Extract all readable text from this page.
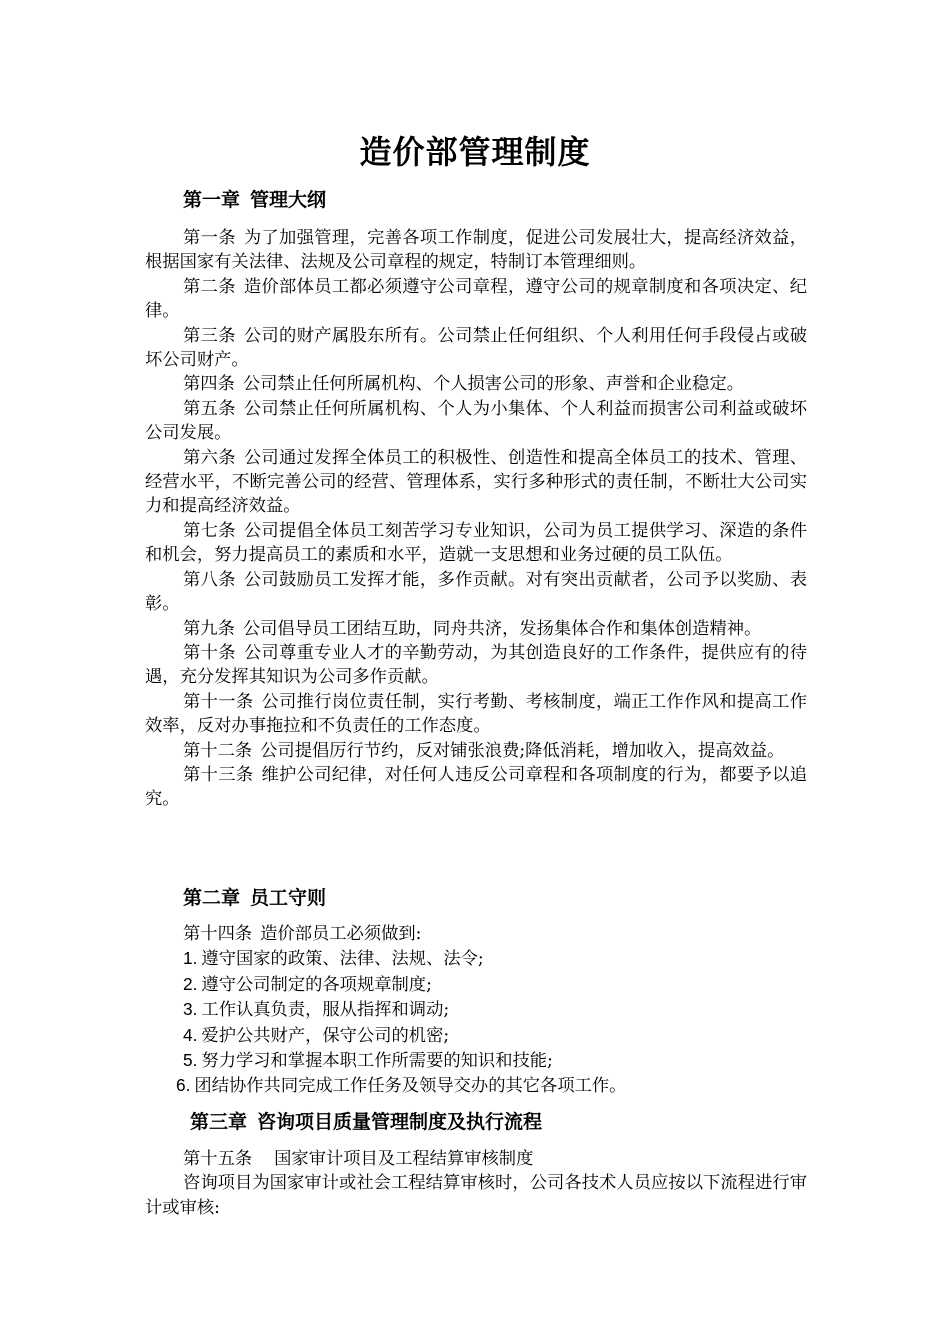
造价部管理制度
第一章 管理大纲

第一条 为了加强管理，完善各项工作制度，促进公司发展壮大，提高经济效益，根据国家有关法律、法规及公司章程的规定，特制订本管理细则。

第二条 造价部体员工都必须遵守公司章程，遵守公司的规章制度和各项决定、纪律。

第三条 公司的财产属股东所有。公司禁止任何组织、个人利用任何手段侵占或破坏公司财产。

第四条 公司禁止任何所属机构、个人损害公司的形象、声誉和企业稳定。

第五条 公司禁止任何所属机构、个人为小集体、个人利益而损害公司利益或破坏公司发展。

第六条 公司通过发挥全体员工的积极性、创造性和提高全体员工的技术、管理、经营水平，不断完善公司的经营、管理体系，实行多种形式的责任制，不断壮大公司实力和提高经济效益。

第七条 公司提倡全体员工刻苦学习专业知识，公司为员工提供学习、深造的条件和机会，努力提高员工的素质和水平，造就一支思想和业务过硬的员工队伍。

第八条 公司鼓励员工发挥才能，多作贡献。对有突出贡献者，公司予以奖励、表彰。

第九条 公司倡导员工团结互助，同舟共济，发扬集体合作和集体创造精神。

第十条 公司尊重专业人才的辛勤劳动，为其创造良好的工作条件，提供应有的待遇，充分发挥其知识为公司多作贡献。

第十一条 公司推行岗位责任制，实行考勤、考核制度，端正工作作风和提高工作效率，反对办事拖拉和不负责任的工作态度。

第十二条 公司提倡厉行节约，反对铺张浪费;降低消耗，增加收入，提高效益。

第十三条 维护公司纪律，对任何人违反公司章程和各项制度的行为，都要予以追究。

第二章 员工守则

第十四条 造价部员工必须做到:

1. 遵守国家的政策、法律、法规、法令;

2. 遵守公司制定的各项规章制度;

3. 工作认真负责，服从指挥和调动;

4. 爱护公共财产，保守公司的机密;

5. 努力学习和掌握本职工作所需要的知识和技能;

6. 团结协作共同完成工作任务及领导交办的其它各项工作。

第三章 咨询项目质量管理制度及执行流程

第十五条 国家审计项目及工程结算审核制度

咨询项目为国家审计或社会工程结算审核时，公司各技术人员应按以下流程进行审计或审核:
